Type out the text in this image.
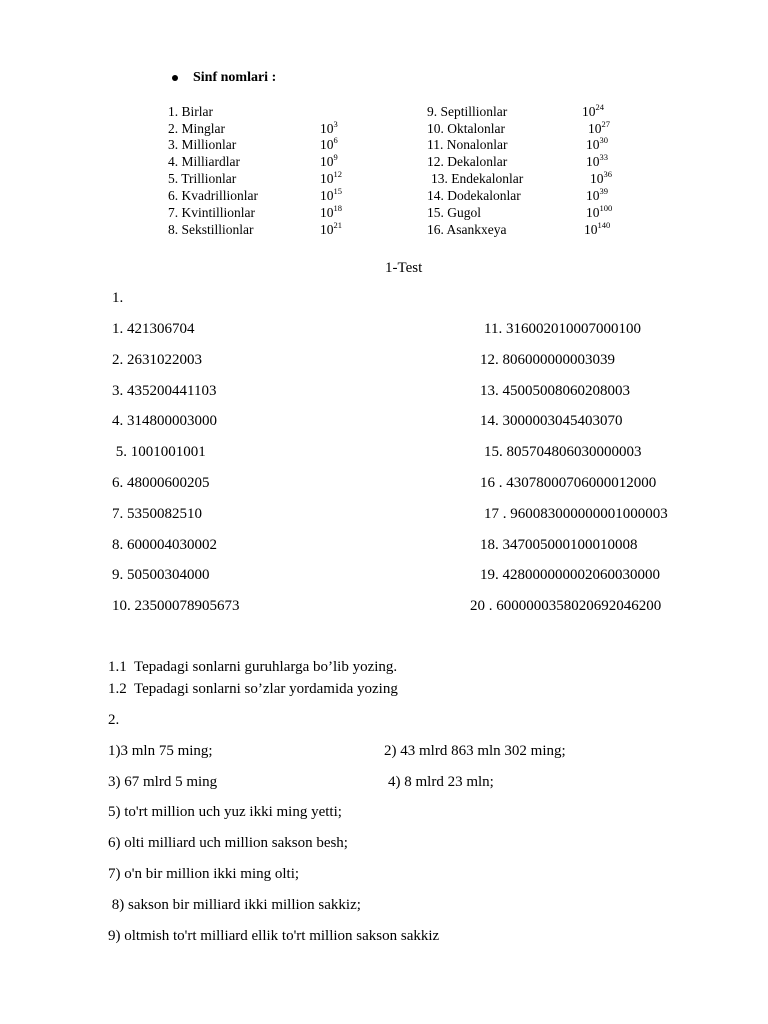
Sinf nomlari :
1. Birlar
2. Minglar	$10^3$
3. Millionlar	$10^6$
4. Milliardlar	$10^9$
5. Trillionlar	$10^{12}$
6. Kvadrillionlar	$10^{15}$
7. Kvintillionlar	$10^{18}$
8. Sekstillionlar	$10^{21}$
9. Septillionlar	$10^{24}$
10. Oktalonlar	$10^{27}$
11. Nonalonlar	$10^{30}$
12. Dekalonlar	$10^{33}$
13. Endekalonlar	$10^{36}$
14. Dodekalonlar	$10^{39}$
15. Gugol	$10^{100}$
16. Asankxeya	$10^{140}$
1-Test
1.
1. 421306704
2. 2631022003
3. 435200441103
4. 314800003000
5. 1001001001
6. 48000600205
7. 5350082510
8. 600004030002
9. 50500304000
10. 23500078905673
11. 316002010007000100
12. 806000000003039
13. 45005008060208003
14. 3000003045403070
15. 805704806030000003
16 . 43078000706000012000
17 . 960083000000001000003
18. 347005000100010008
19. 428000000002060030000
20 . 6000000358020692046200
1.1  Tepadagi sonlarni guruhlarga bo’lib yozing.
1.2  Tepadagi sonlarni so’zlar yordamida yozing
2.
1)3 mln 75 ming;	2) 43 mlrd 863 mln 302 ming;
3) 67 mlrd 5 ming	4) 8 mlrd 23 mln;
5) to'rt million uch yuz ikki ming yetti;
6) olti milliard uch million sakson besh;
7) o'n bir million ikki ming olti;
8) sakson bir milliard ikki million sakkiz;
9) oltmish to'rt milliard ellik to'rt million sakson sakkiz
